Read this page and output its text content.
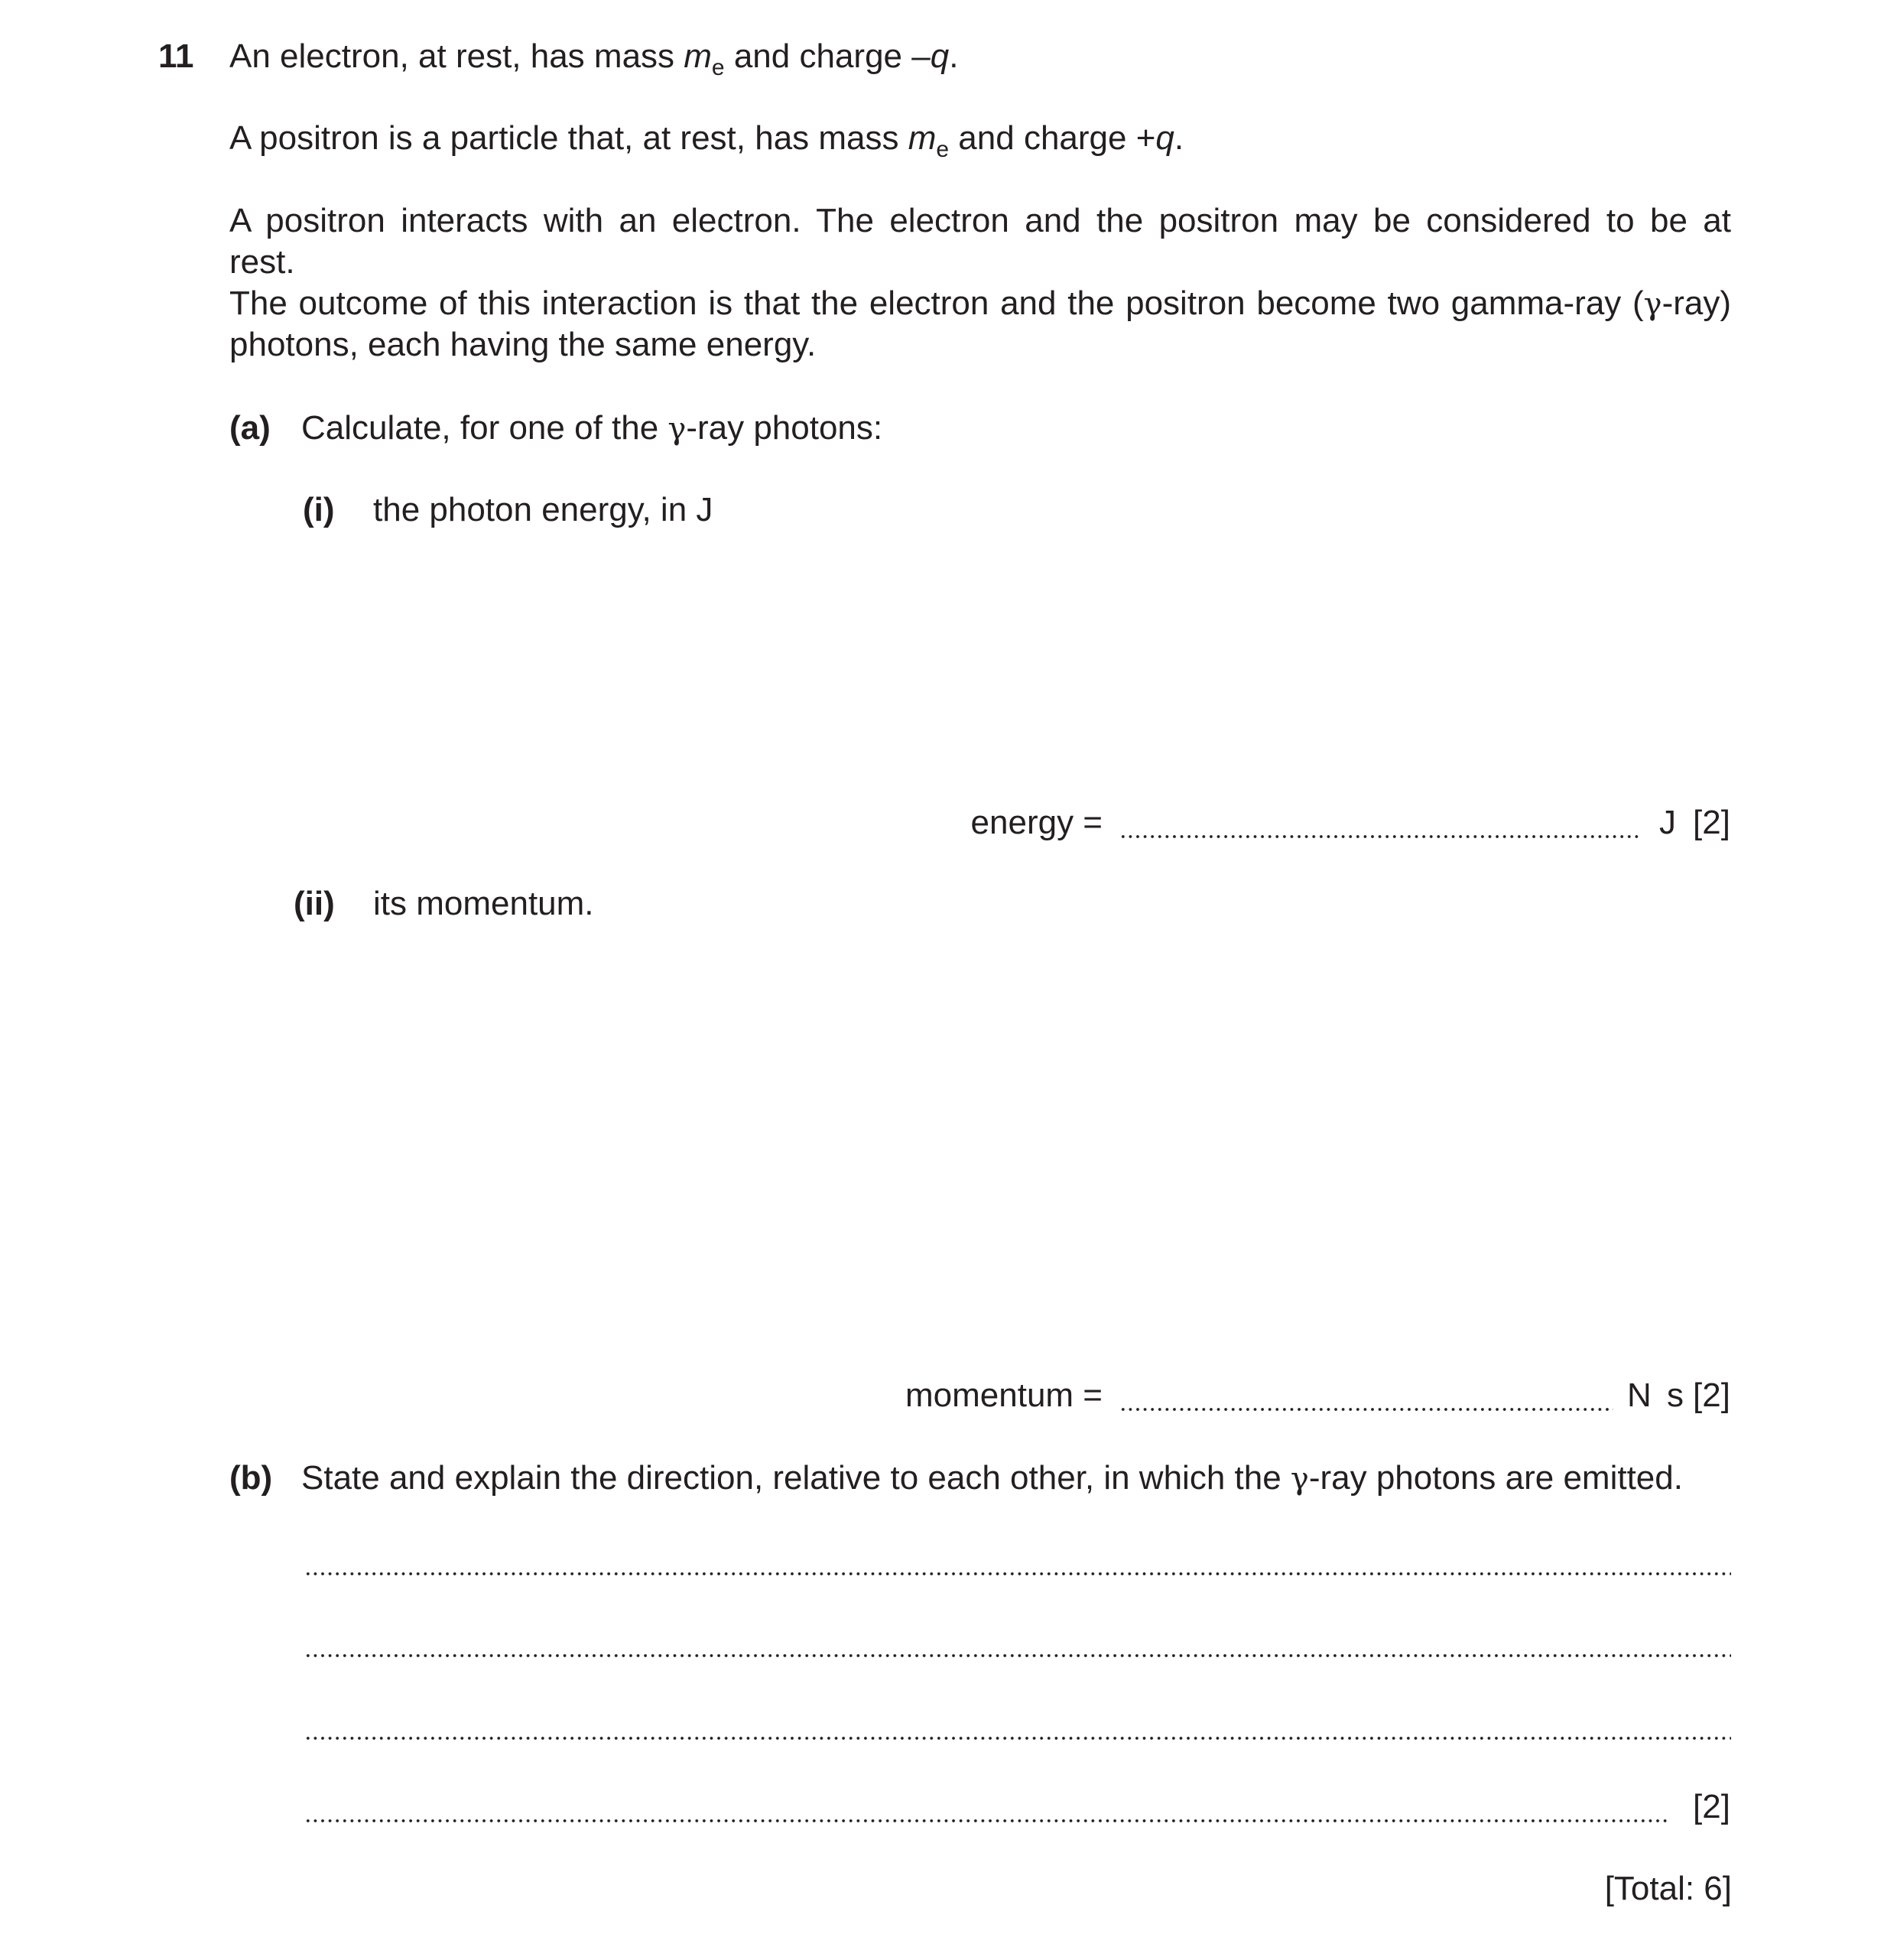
11 An electron, at rest, has mass $m_e$ and charge –q.
A positron is a particle that, at rest, has mass $m_e$ and charge +q.
A positron interacts with an electron. The electron and the positron may be considered to be at
rest.
The outcome of this interaction is that the electron and the positron become two gamma-ray (γ-ray)
photons, each having the same energy.
(a) Calculate, for one of the γ-ray photons:
(i) the photon energy, in J
energy =	J [2]
(ii) its momentum.
momentum =	N s [2]
(b) State and explain the direction, relative to each other, in which the γ-ray photons are emitted.
[2]
[Total: 6]
